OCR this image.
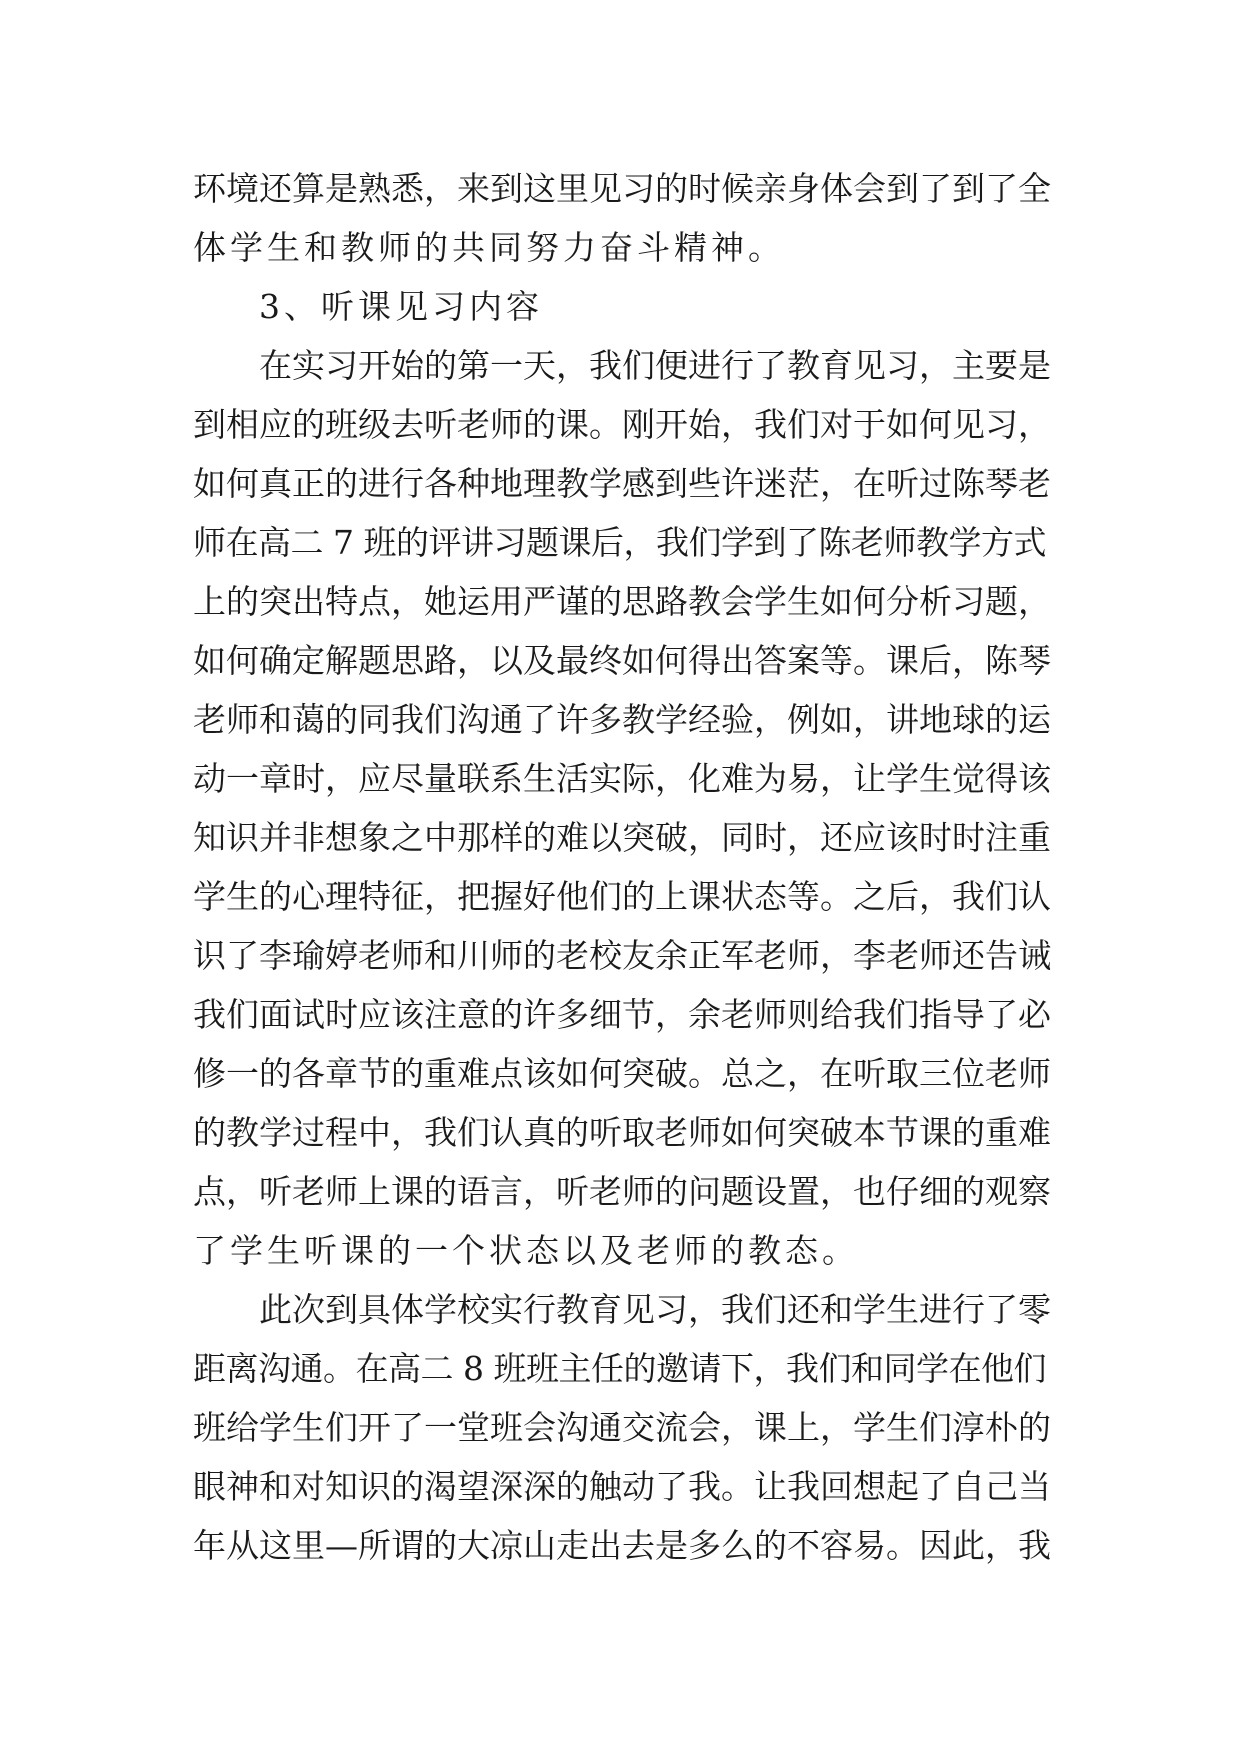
环境还算是熟悉，来到这里见习的时候亲身体会到了到了全
体学生和教师的共同努力奋斗精神。
3、听课见习内容
在实习开始的第一天，我们便进行了教育见习，主要是
到相应的班级去听老师的课。刚开始，我们对于如何见习，
如何真正的进行各种地理教学感到些许迷茫，在听过陈琴老
师在高二 7 班的评讲习题课后，我们学到了陈老师教学方式
上的突出特点，她运用严谨的思路教会学生如何分析习题，
如何确定解题思路，以及最终如何得出答案等。课后，陈琴
老师和蔼的同我们沟通了许多教学经验，例如，讲地球的运
动一章时，应尽量联系生活实际，化难为易，让学生觉得该
知识并非想象之中那样的难以突破，同时，还应该时时注重
学生的心理特征，把握好他们的上课状态等。之后，我们认
识了李瑜婷老师和川师的老校友余正军老师，李老师还告诫
我们面试时应该注意的许多细节，余老师则给我们指导了必
修一的各章节的重难点该如何突破。总之，在听取三位老师
的教学过程中，我们认真的听取老师如何突破本节课的重难
点，听老师上课的语言，听老师的问题设置，也仔细的观察
了学生听课的一个状态以及老师的教态。
此次到具体学校实行教育见习，我们还和学生进行了零
距离沟通。在高二 8 班班主任的邀请下，我们和同学在他们
班给学生们开了一堂班会沟通交流会，课上，学生们淳朴的
眼神和对知识的渴望深深的触动了我。让我回想起了自己当
年从这里—所谓的大凉山走出去是多么的不容易。因此，我
